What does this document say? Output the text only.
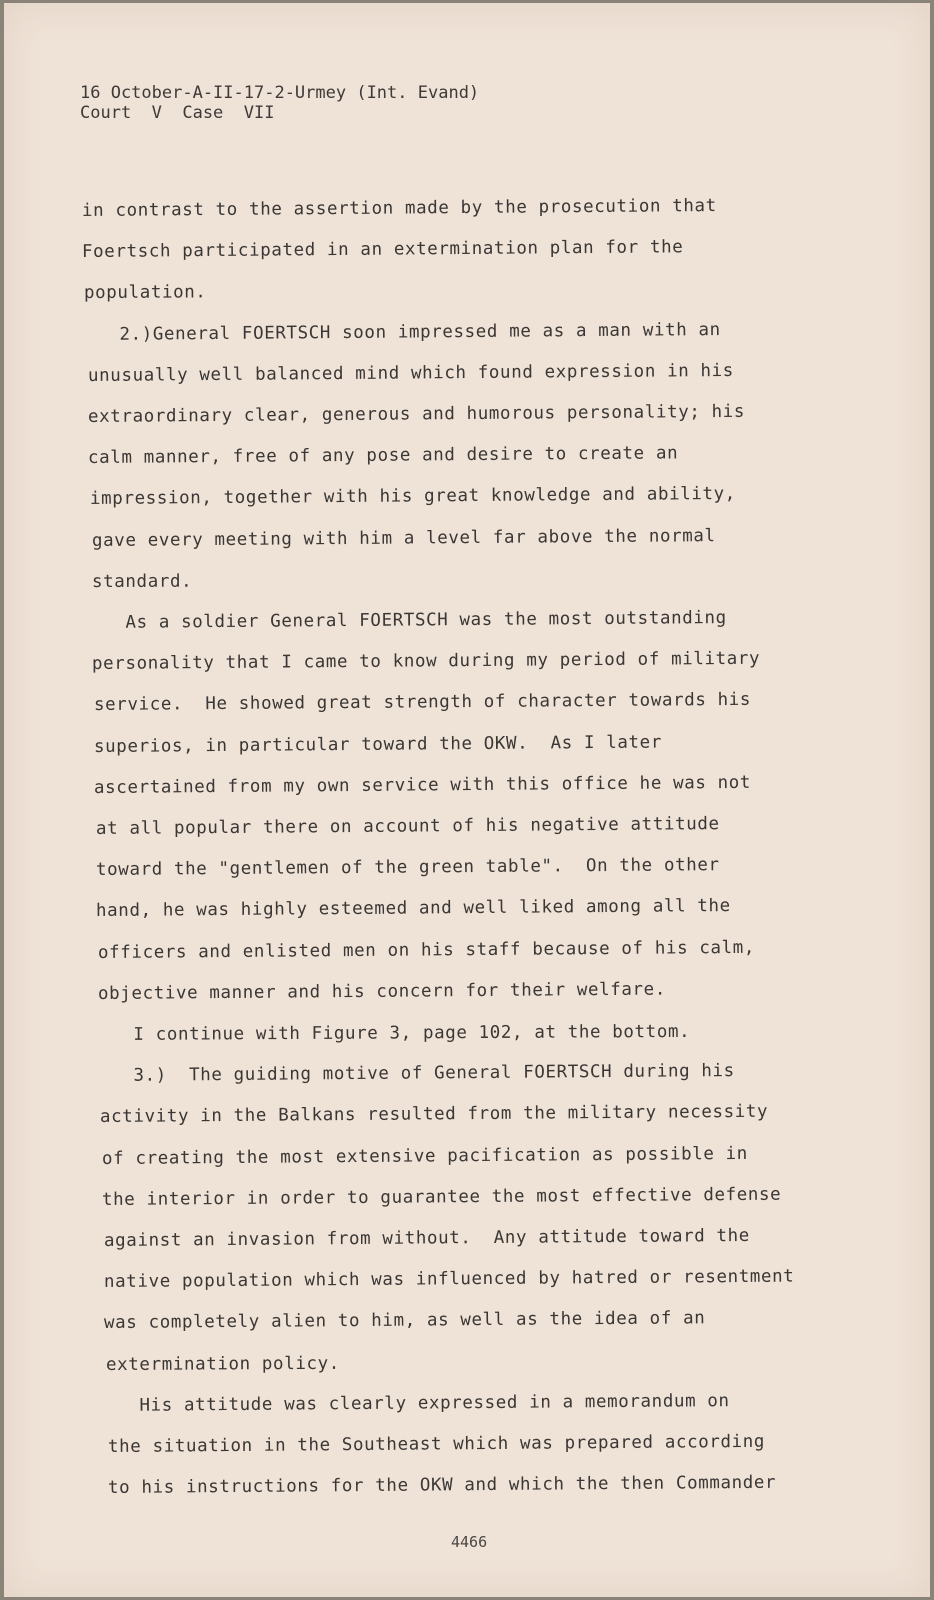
16 October-A-II-17-2-Urmey (Int. Evand)
Court  V  Case  VII
in contrast to the assertion made by the prosecution that
Foertsch participated in an extermination plan for the
population.
2.)General FOERTSCH soon impressed me as a man with an
unusually well balanced mind which found expression in his
extraordinary clear, generous and humorous personality; his
calm manner, free of any pose and desire to create an
impression, together with his great knowledge and ability,
gave every meeting with him a level far above the normal
standard.
As a soldier General FOERTSCH was the most outstanding
personality that I came to know during my period of military
service.  He showed great strength of character towards his
superios, in particular toward the OKW.  As I later
ascertained from my own service with this office he was not
at all popular there on account of his negative attitude
toward the "gentlemen of the green table".  On the other
hand, he was highly esteemed and well liked among all the
officers and enlisted men on his staff because of his calm,
objective manner and his concern for their welfare.
I continue with Figure 3, page 102, at the bottom.
3.)  The guiding motive of General FOERTSCH during his
activity in the Balkans resulted from the military necessity
of creating the most extensive pacification as possible in
the interior in order to guarantee the most effective defense
against an invasion from without.  Any attitude toward the
native population which was influenced by hatred or resentment
was completely alien to him, as well as the idea of an
extermination policy.
His attitude was clearly expressed in a memorandum on
the situation in the Southeast which was prepared according
to his instructions for the OKW and which the then Commander
4466
